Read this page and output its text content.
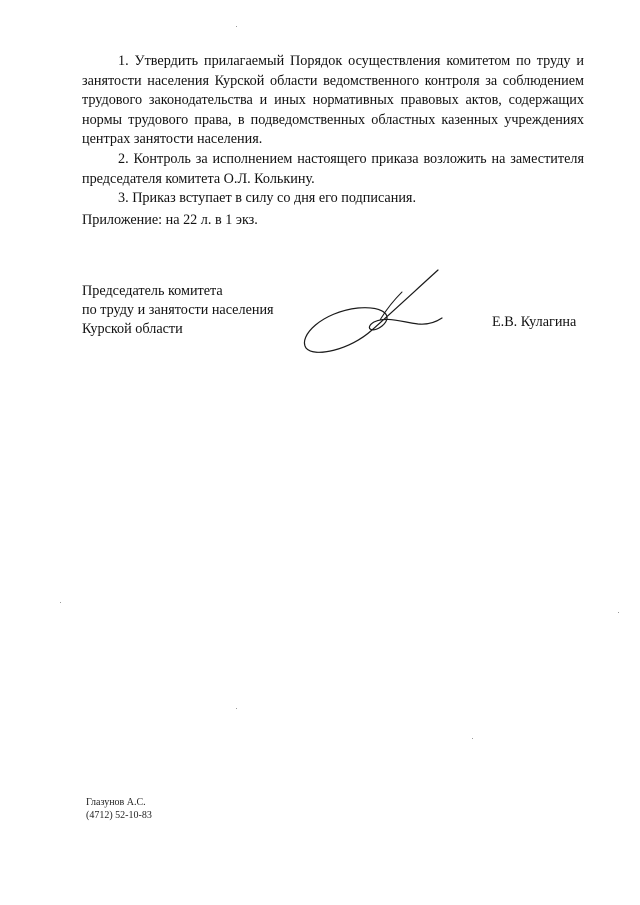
1. Утвердить прилагаемый Порядок осуществления комитетом по труду и занятости населения Курской области ведомственного контроля за соблюдением трудового законодательства и иных нормативных правовых актов, содержащих нормы трудового права, в подведомственных областных казенных учреждениях центрах занятости населения.

2. Контроль за исполнением настоящего приказа возложить на заместителя председателя комитета О.Л. Колькину.

3. Приказ вступает в силу со дня его подписания.

Приложение: на 22 л. в 1 экз.
Председатель комитета
по труду и занятости населения
Курской области	Е.В. Кулагина
Глазунов А.С.
(4712) 52-10-83
